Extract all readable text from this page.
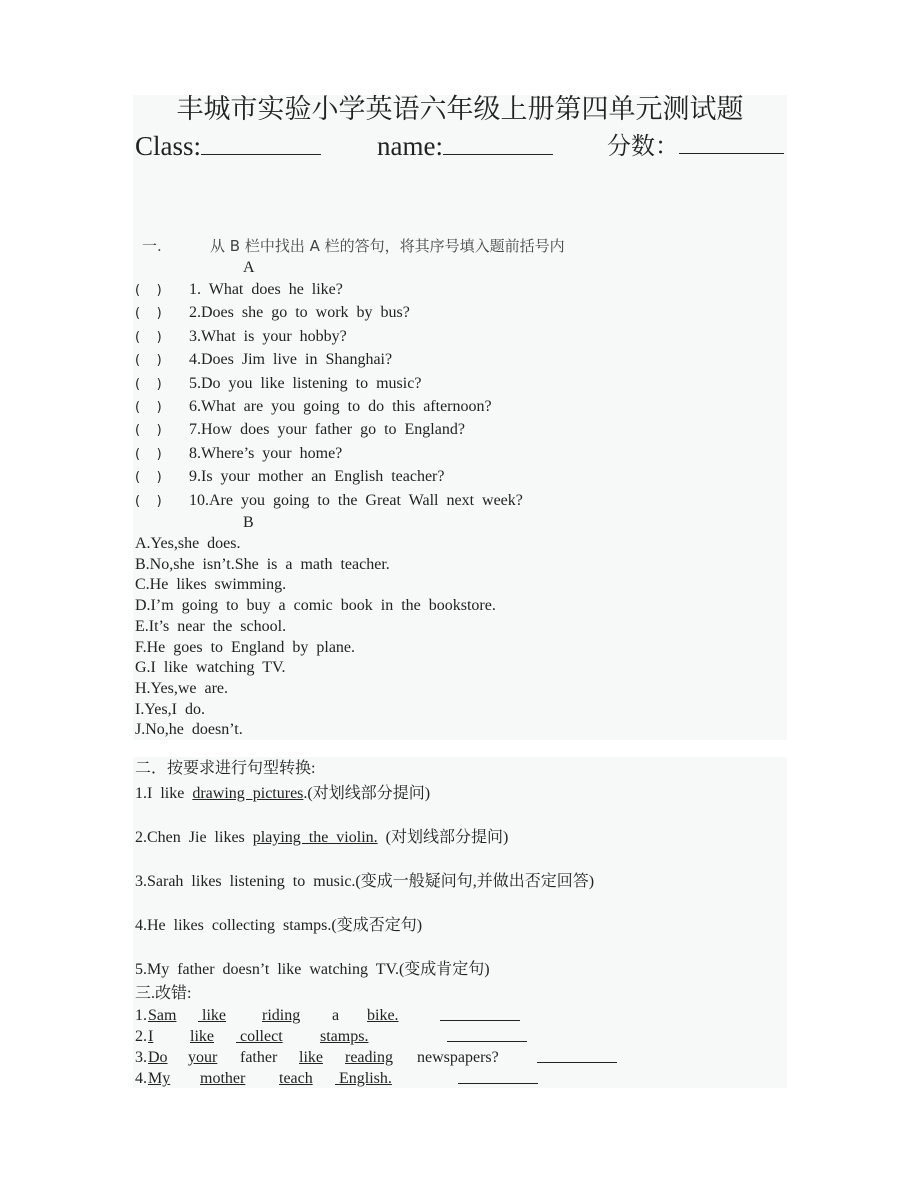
丰城市实验小学英语六年级上册第四单元测试题
Class:	name:	分数：
一.	从 B 栏中找出 A 栏的答句，将其序号填入题前括号内
A
B
二．按要求进行句型转换:
三.改错:
(    ) 1.  What  does  he  like?
(    ) 2.Does  she  go  to  work  by  bus?
(    ) 3.What  is  your  hobby?
(    ) 4.Does  Jim  live  in  Shanghai?
(    ) 5.Do  you  like  listening  to  music?
(    ) 6.What  are  you  going  to  do  this  afternoon?
(    ) 7.How  does  your  father  go  to  England?
(    ) 8.Where’s  your  home?
(    ) 9.Is  your  mother  an  English  teacher?
(    ) 10.Are  you  going  to  the  Great  Wall  next  week?
A.Yes,she  does.
B.No,she  isn’t.She  is  a  math  teacher.
C.He  likes  swimming.
D.I’m  going  to  buy  a  comic  book  in  the  bookstore.
E.It’s  near  the  school.
F.He  goes  to  England  by  plane.
G.I  like  watching  TV.
H.Yes,we  are.
I.Yes,I  do.
J.No,he  doesn’t.
1.I  like  drawing  pictures.(对划线部分提问)
2.Chen  Jie  likes  playing  the  violin.  (对划线部分提问)
3.Sarah  likes  listening  to  music.(变成一般疑问句,并做出否定回答)
4.He  likes  collecting  stamps.(变成否定句)
5.My  father  doesn’t  like  watching  TV.(变成肯定句)
1. Sam like riding a bike.
2. I like collect stamps.
3. Do your father like reading newspapers?
4. My mother teach English.
